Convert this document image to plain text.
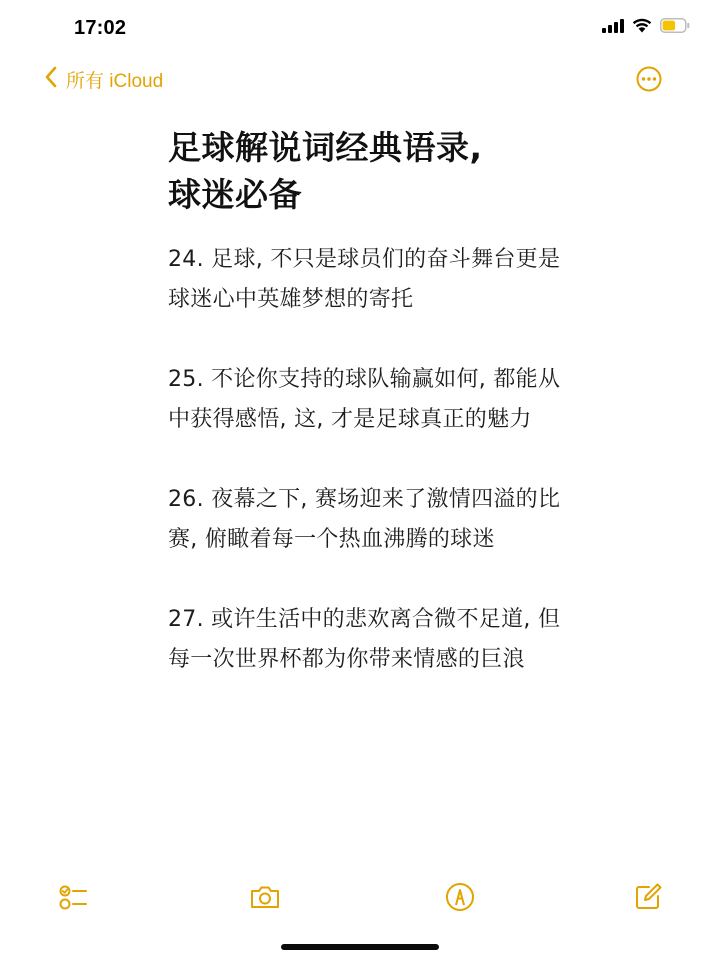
17:02
所有 iCloud
足球解说词经典语录,
球迷必备

24. 足球, 不只是球员们的奋斗舞台更是球迷心中英雄梦想的寄托

25. 不论你支持的球队输赢如何, 都能从中获得感悟, 这, 才是足球真正的魅力

26. 夜幕之下, 赛场迎来了激情四溢的比赛, 俯瞰着每一个热血沸腾的球迷

27. 或许生活中的悲欢离合微不足道, 但每一次世界杯都为你带来情感的巨浪
